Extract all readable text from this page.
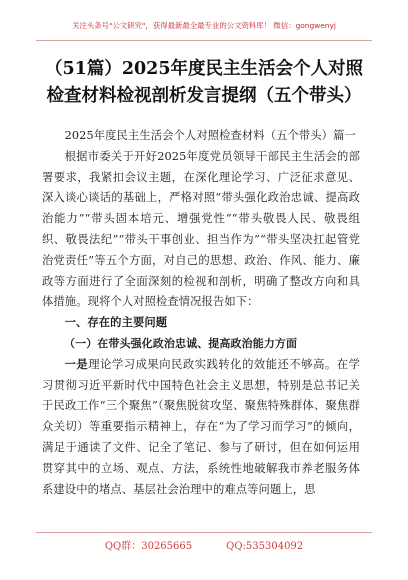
关注头条号"公文研究"，获得最新最全最专业的公文资料库！ 微信：gongwenyj
（51篇）2025年度民主生活会个人对照
检查材料检视剖析发言提纲（五个带头）

2025年度民主生活会个人对照检查材料（五个带头）篇一

根据市委关于开好2025年度党员领导干部民主生活会的部署要求，我紧扣会议主题，在深化理论学习、广泛征求意见、深入谈心谈话的基础上，严格对照“带头强化政治忠诚、提高政治能力”“带头固本培元、增强党性”“带头敬畏人民、敬畏组织、敬畏法纪”“带头干事创业、担当作为”“带头坚决扛起管党治党责任”等五个方面，对自己的思想、政治、作风、能力、廉政等方面进行了全面深刻的检视和剖析，明确了整改方向和具体措施。现将个人对照检查情况报告如下：

一、存在的主要问题

（一）在带头强化政治忠诚、提高政治能力方面

一是理论学习成果向民政实践转化的效能还不够高。在学习贯彻习近平新时代中国特色社会主义思想，特别是总书记关于民政工作“三个聚焦”（聚焦脱贫攻坚、聚焦特殊群体、聚焦群众关切）等重要指示精神上，存在“为了学习而学习”的倾向，满足于通读了文件、记全了笔记、参与了研讨，但在如何运用贯穿其中的立场、观点、方法，系统性地破解我市养老服务体系建设中的堵点、基层社会治理中的难点等问题上，思

QQ群：30265665	QQ:535304092
